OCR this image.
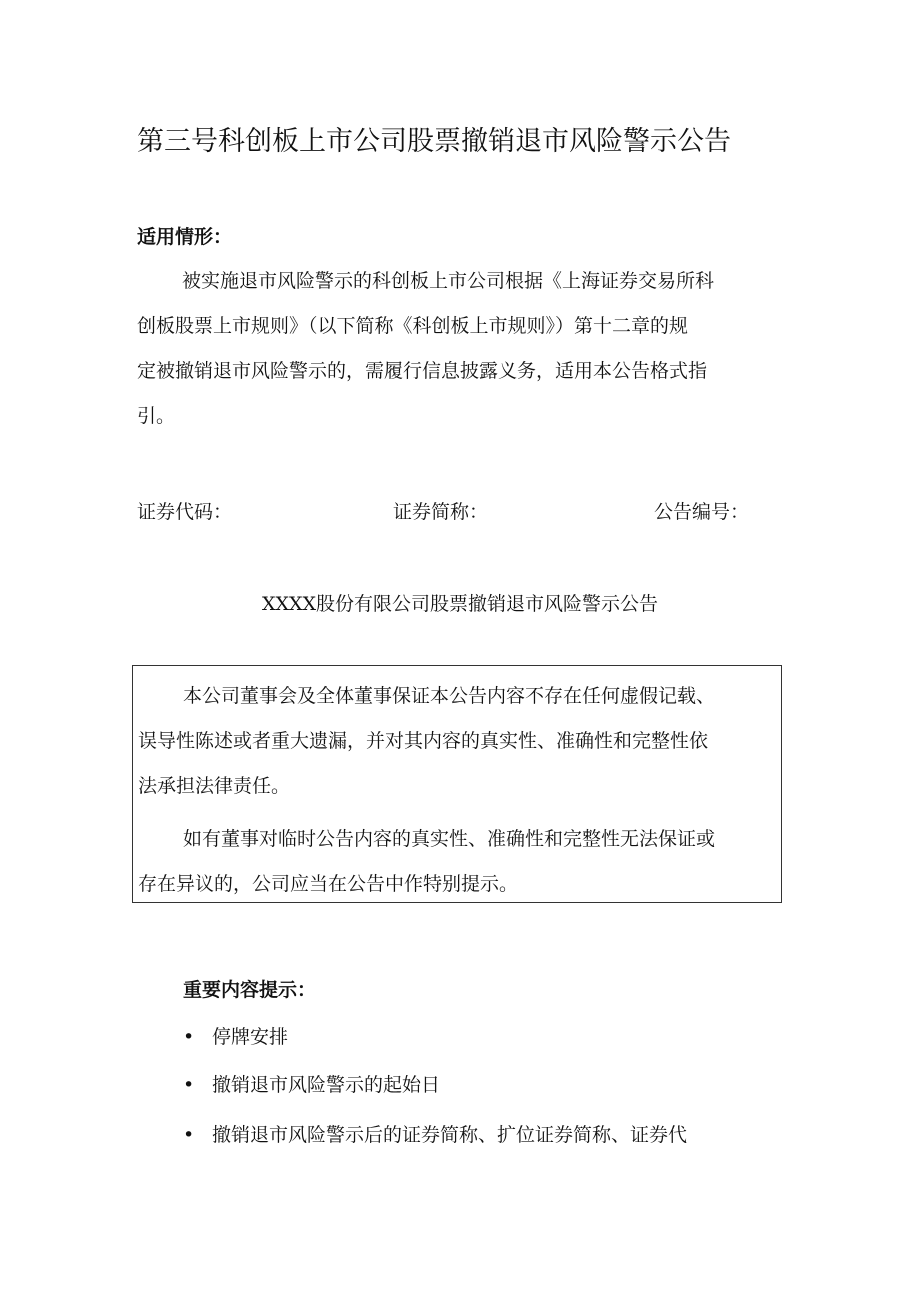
第三号科创板上市公司股票撤销退市风险警示公告
适用情形：
被实施退市风险警示的科创板上市公司根据《上海证券交易所科
创板股票上市规则》（以下简称《科创板上市规则》）第十二章的规
定被撤销退市风险警示的，需履行信息披露义务，适用本公告格式指
引。
证券代码：	证券简称：	公告编号：
XXXX股份有限公司股票撤销退市风险警示公告
本公司董事会及全体董事保证本公告内容不存在任何虚假记载、
误导性陈述或者重大遗漏，并对其内容的真实性、准确性和完整性依
法承担法律责任。
如有董事对临时公告内容的真实性、准确性和完整性无法保证或
存在异议的，公司应当在公告中作特别提示。
重要内容提示：
• 停牌安排
• 撤销退市风险警示的起始日
• 撤销退市风险警示后的证券简称、扩位证券简称、证券代
